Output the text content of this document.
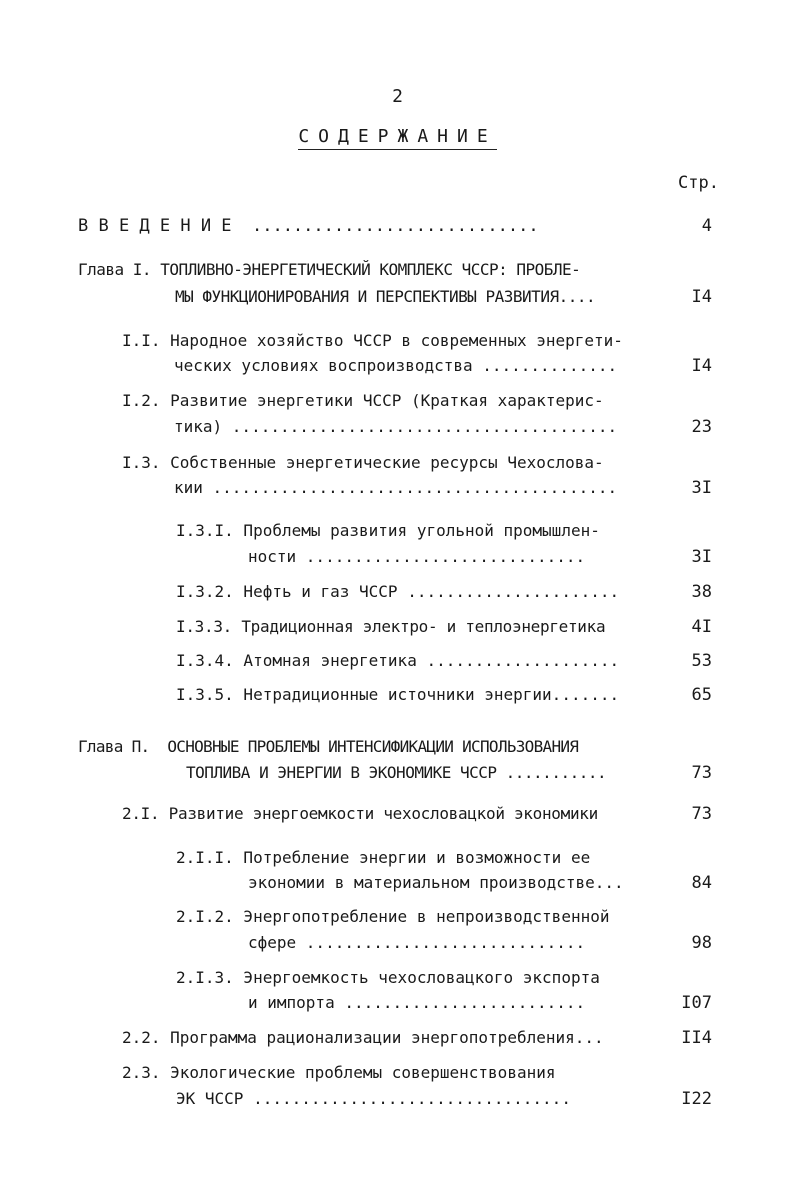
2
СОДЕРЖАНИЕ
Стр.
В В Е Д Е Н И Е  ............................	4
Глава I. ТОПЛИВНО-ЭНЕРГЕТИЧЕСКИЙ КОМПЛЕКС ЧССР: ПРОБЛЕ-
МЫ ФУНКЦИОНИРОВАНИЯ И ПЕРСПЕКТИВЫ РАЗВИТИЯ....	I4
I.I. Народное хозяйство ЧССР в современных энергети-
ческих условиях воспроизводства ..............	I4
I.2. Развитие энергетики ЧССР (Краткая характерис-
тика) ........................................	23
I.3. Собственные энергетические ресурсы Чехослова-
кии ..........................................	3I
I.3.I. Проблемы развития угольной промышлен-
ности .............................	3I
I.3.2. Нефть и газ ЧССР ......................	38
I.3.3. Традиционная электро- и теплоэнергетика	4I
I.3.4. Атомная энергетика ....................	53
I.3.5. Нетрадиционные источники энергии.......	65
Глава П.  ОСНОВНЫЕ ПРОБЛЕМЫ ИНТЕНСИФИКАЦИИ ИСПОЛЬЗОВАНИЯ
ТОПЛИВА И ЭНЕРГИИ В ЭКОНОМИКЕ ЧССР ...........	73
2.I. Развитие энергоемкости чехословацкой экономики	73
2.I.I. Потребление энергии и возможности ее
экономии в материальном производстве...	84
2.I.2. Энергопотребление в непроизводственной
сфере .............................	98
2.I.3. Энергоемкость чехословацкого экспорта
и импорта .........................	I07
2.2. Программа рационализации энергопотребления...	II4
2.3. Экологические проблемы совершенствования
ЭК ЧССР .................................	I22
